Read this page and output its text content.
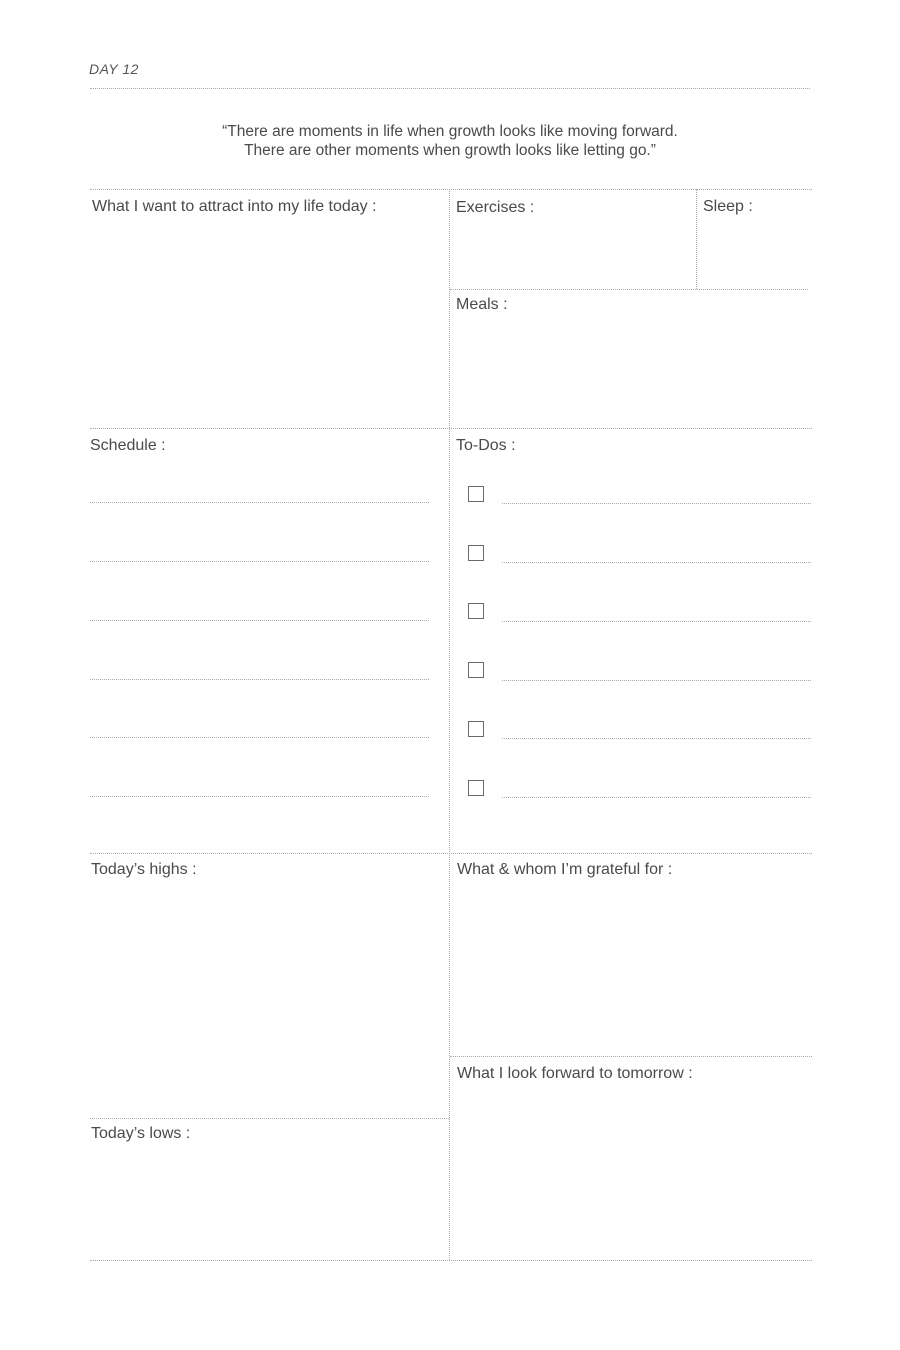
DAY 12
“There are moments in life when growth looks like moving forward.
There are other moments when growth looks like letting go.”
What I want to attract into my life today :	Exercises :	Sleep :
Meals :
Schedule :	To-Dos :
Today’s highs :	What & whom I’m grateful for :
What I look forward to tomorrow :
Today’s lows :
